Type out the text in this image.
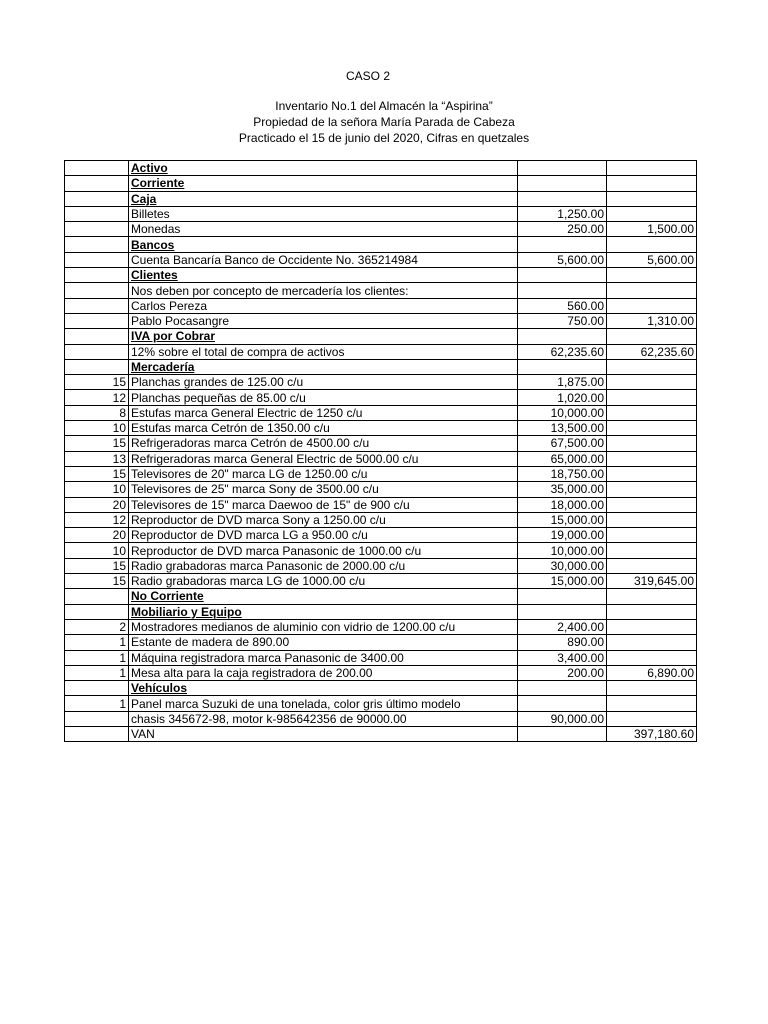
CASO 2
Inventario No.1 del Almacén la “Aspirina”
Propiedad de la señora María Parada de Cabeza
Practicado el 15 de junio del 2020, Cifras en quetzales
	Activo		
	Corriente		
	Caja		
	Billetes	1,250.00	
	Monedas	250.00	1,500.00
	Bancos		
	Cuenta Bancaría Banco de Occidente No. 365214984	5,600.00	5,600.00
	Clientes		
	Nos deben por concepto de mercadería los clientes:		
	Carlos Pereza	560.00	
	Pablo Pocasangre	750.00	1,310.00
	IVA por Cobrar		
	12% sobre el total de compra de activos	62,235.60	62,235.60
	Mercadería		
15	Planchas grandes de 125.00 c/u	1,875.00	
12	Planchas pequeñas de 85.00 c/u	1,020.00	
8	Estufas marca General Electric de 1250 c/u	10,000.00	
10	Estufas marca Cetrón de 1350.00 c/u	13,500.00	
15	Refrigeradoras marca Cetrón de 4500.00 c/u	67,500.00	
13	Refrigeradoras marca General Electric de 5000.00 c/u	65,000.00	
15	Televisores de 20" marca LG de 1250.00 c/u	18,750.00	
10	Televisores de 25" marca Sony de 3500.00 c/u	35,000.00	
20	Televisores de 15" marca Daewoo de 15" de 900 c/u	18,000.00	
12	Reproductor de DVD marca Sony a 1250.00 c/u	15,000.00	
20	Reproductor de DVD marca LG a 950.00 c/u	19,000.00	
10	Reproductor de DVD marca Panasonic de 1000.00 c/u	10,000.00	
15	Radio grabadoras marca Panasonic de 2000.00 c/u	30,000.00	
15	Radio grabadoras marca LG de 1000.00 c/u	15,000.00	319,645.00
	No Corriente		
	Mobiliario y Equipo		
2	Mostradores medianos de aluminio con vidrio de 1200.00 c/u	2,400.00	
1	Estante de madera de 890.00	890.00	
1	Máquina registradora marca Panasonic de 3400.00	3,400.00	
1	Mesa alta para la caja registradora de 200.00	200.00	6,890.00
	Vehículos		
1	Panel marca Suzuki de una tonelada, color gris último modelo		
	chasis 345672-98, motor k-985642356 de 90000.00	90,000.00	
	VAN		397,180.60
